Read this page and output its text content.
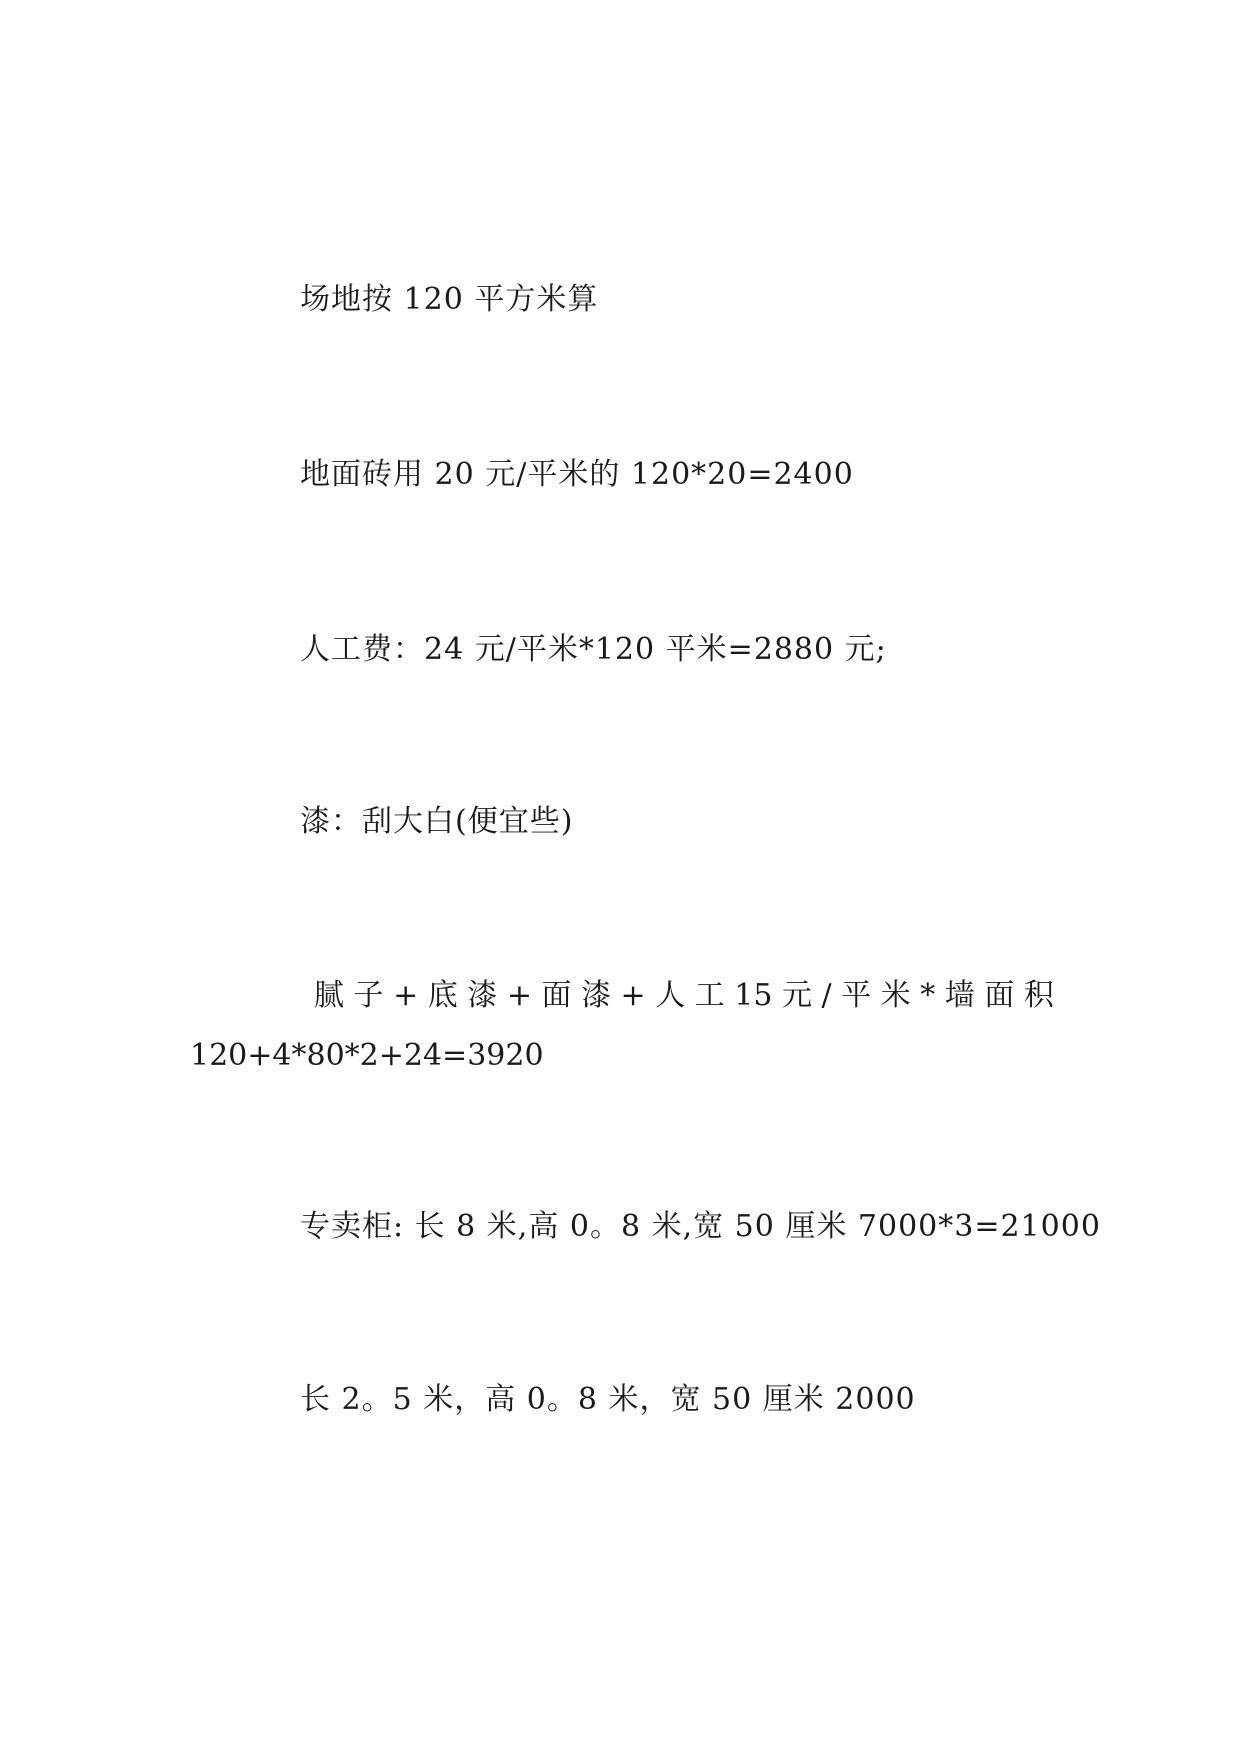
场地按 120 平方米算
地面砖用 20 元/平米的 120*20=2400
人工费：24 元/平米*120 平米=2880 元;
漆：刮大白(便宜些)
腻 子 + 底 漆 + 面 漆 + 人 工 15 元 / 平 米 * 墙 面 积
120+4*80*2+24=3920
专卖柜: 长 8 米,高 0。8 米,宽 50 厘米 7000*3=21000
长 2。5 米，高 0。8 米，宽 50 厘米 2000
